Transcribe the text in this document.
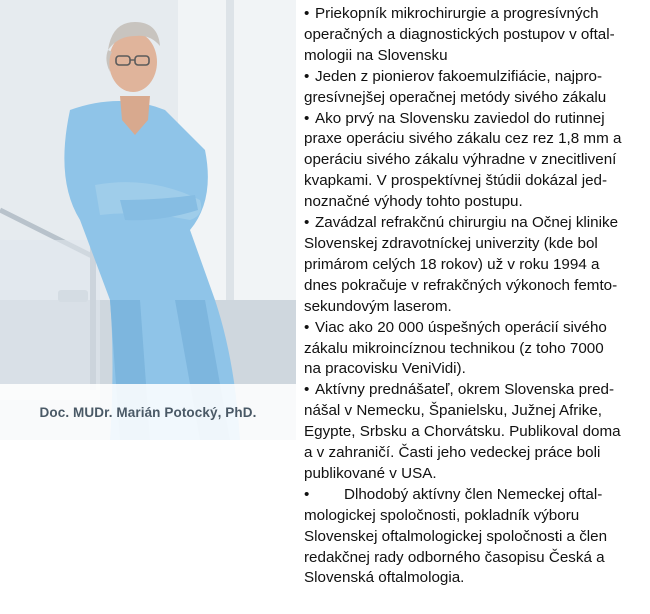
Doc. MUDr. Marián Potocký, PhD.
• Priekopník mikrochirurgie a progresívných
operačných a diagnostických postupov v oftal-
mologii na Slovensku
• Jeden z pionierov fakoemulzifiácie, najpro-
gresívnejšej operačnej metódy sivého zákalu
• Ako prvý na Slovensku zaviedol do rutinnej
praxe operáciu sivého zákalu cez rez 1,8 mm a
operáciu sivého zákalu výhradne v znecitlivení
kvapkami. V prospektívnej štúdii dokázal jed-
noznačné výhody tohto postupu.
• Zavádzal refrakčnú chirurgiu na Očnej klinike
Slovenskej zdravotníckej univerzity (kde bol
primárom celých 18 rokov) už v roku 1994 a
dnes pokračuje v refrakčných výkonoch femto-
sekundovým laserom.
• Viac ako 20 000 úspešných operácií sivého
zákalu mikroincíznou technikou (z toho 7000
na pracovisku VeniVidi).
• Aktívny prednášateľ, okrem Slovenska pred-
nášal v Nemecku, Španielsku, Južnej Afrike,
Egypte, Srbsku a Chorvátsku. Publikoval doma
a v zahraničí. Časti jeho vedeckej práce boli
publikované v USA.
• Dlhodobý aktívny člen Nemeckej oftal-
mologickej spoločnosti, pokladník výboru
Slovenskej oftalmologickej spoločnosti a člen
redakčnej rady odborného časopisu Česká a
Slovenská oftalmologia.
